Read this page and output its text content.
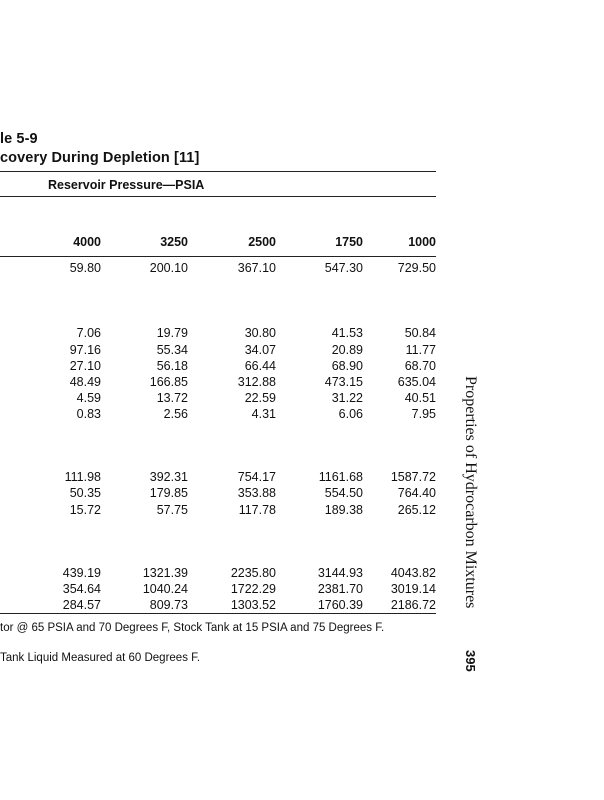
le 5-9
covery During Depletion [11]
Reservoir Pressure—PSIA
4000	3250	2500	1750	1000
59.80	200.10	367.10	547.30	729.50
7.06	19.79	30.80	41.53	50.84
97.16	55.34	34.07	20.89	11.77
27.10	56.18	66.44	68.90	68.70
48.49	166.85	312.88	473.15	635.04
4.59	13.72	22.59	31.22	40.51
0.83	2.56	4.31	6.06	7.95
111.98	392.31	754.17	1161.68	1587.72
50.35	179.85	353.88	554.50	764.40
15.72	57.75	117.78	189.38	265.12
439.19	1321.39	2235.80	3144.93	4043.82
354.64	1040.24	1722.29	2381.70	3019.14
284.57	809.73	1303.52	1760.39	2186.72
tor @ 65 PSIA and 70 Degrees F, Stock Tank at 15 PSIA and 75 Degrees F.
Tank Liquid Measured at 60 Degrees F.
Properties of Hydrocarbon Mixtures
395
